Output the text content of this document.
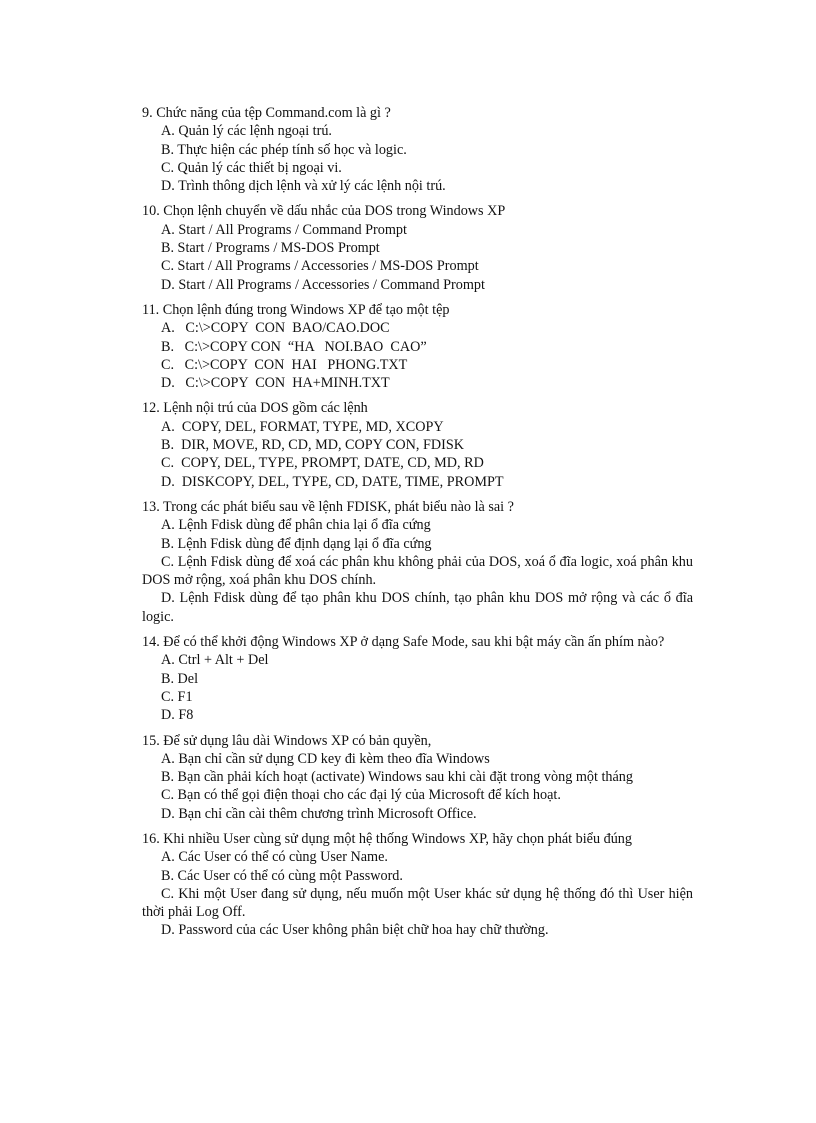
9. Chức năng của tệp Command.com là gì ?
A. Quản lý các lệnh ngoại trú.
B. Thực hiện các phép tính số học và logic.
C. Quản lý các thiết bị ngoại vi.
D. Trình thông dịch lệnh và xử lý các lệnh nội trú.
10. Chọn lệnh chuyển về dấu nhắc của DOS trong Windows XP
A. Start / All Programs / Command Prompt
B. Start / Programs / MS-DOS Prompt
C. Start / All Programs / Accessories / MS-DOS Prompt
D. Start / All Programs / Accessories / Command Prompt
11. Chọn lệnh đúng trong Windows XP để tạo một tệp
A.   C:\>COPY  CON  BAO/CAO.DOC
B.   C:\>COPY CON  “HA   NOI.BAO  CAO”
C.   C:\>COPY  CON  HAI   PHONG.TXT
D.   C:\>COPY  CON  HA+MINH.TXT
12. Lệnh nội trú của DOS gồm các lệnh
A.  COPY, DEL, FORMAT, TYPE, MD, XCOPY
B.  DIR, MOVE, RD, CD, MD, COPY CON, FDISK
C.  COPY, DEL, TYPE, PROMPT, DATE, CD, MD, RD
D.  DISKCOPY, DEL, TYPE, CD, DATE, TIME, PROMPT
13. Trong các phát biểu sau về lệnh FDISK, phát biểu nào là sai ?
A. Lệnh Fdisk dùng để phân chia lại ổ đĩa cứng
B. Lệnh Fdisk dùng để định dạng lại ổ đĩa cứng
C. Lệnh Fdisk dùng để xoá các phân khu không phải của DOS, xoá ổ đĩa logic, xoá phân khu DOS mở rộng, xoá phân khu DOS chính.
D. Lệnh Fdisk dùng để tạo phân khu DOS chính, tạo phân khu DOS mở rộng và các ổ đĩa logic.
14. Để có thể khởi động Windows XP ở dạng Safe Mode, sau khi bật máy cần ấn phím nào?
A. Ctrl + Alt + Del
B. Del
C. F1
D. F8
15. Để sử dụng lâu dài Windows XP có bản quyền,
A. Bạn chỉ cần sử dụng CD key đi kèm theo đĩa Windows
B. Bạn cần phải kích hoạt (activate) Windows sau khi cài đặt trong vòng một tháng
C. Bạn có thể gọi điện thoại cho các đại lý của Microsoft để kích hoạt.
D. Bạn chỉ cần cài thêm chương trình Microsoft Office.
16. Khi nhiều User cùng sử dụng một hệ thống Windows XP, hãy chọn phát biểu đúng
A. Các User có thể có cùng User Name.
B. Các User có thể có cùng một Password.
C. Khi một User đang sử dụng, nếu muốn một User khác sử dụng hệ thống đó thì User hiện thời phải Log Off.
D. Password của các User không phân biệt chữ hoa hay chữ thường.
